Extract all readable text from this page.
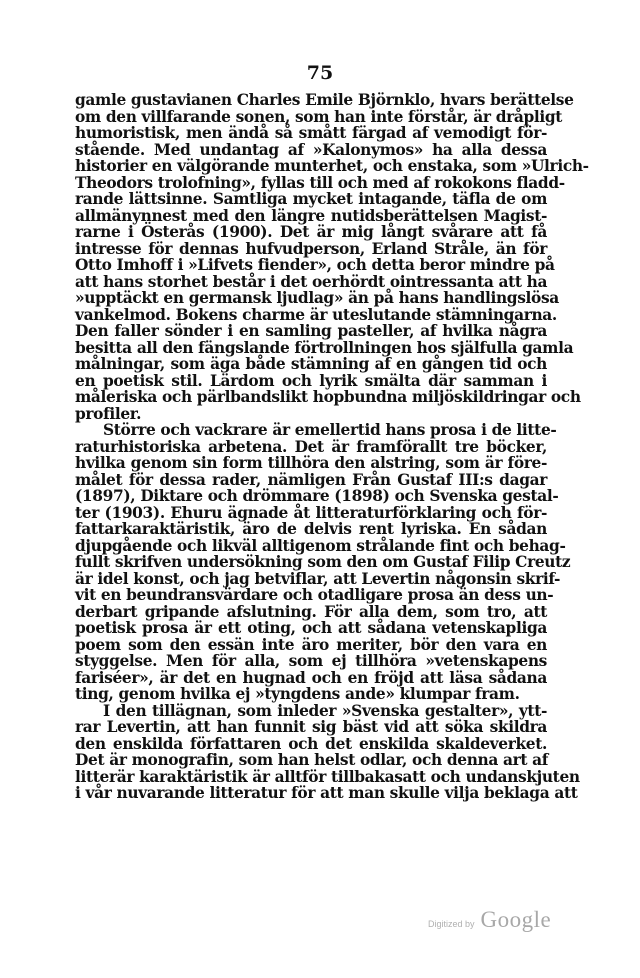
75
gamle gustavianen Charles Emile Björnklo, hvars berättelse
om den villfarande sonen, som han inte förstår, är dråpligt
humoristisk, men ändå så smått färgad af vemodigt för-
stående. Med undantag af »Kalonymos» ha alla dessa
historier en välgörande munterhet, och enstaka, som »Ulrich-
Theodors trolofning», fyllas till och med af rokokons fladd-
rande lättsinne. Samtliga mycket intagande, täfla de om
allmänynnest med den längre nutidsberättelsen Magist-
rarne i Österås (1900). Det är mig långt svårare att få
intresse för dennas hufvudperson, Erland Stråle, än för
Otto Imhoff i »Lifvets fiender», och detta beror mindre på
att hans storhet består i det oerhördt ointressanta att ha
»upptäckt en germansk ljudlag» än på hans handlingslösa
vankelmod. Bokens charme är uteslutande stämningarna.
Den faller sönder i en samling pasteller, af hvilka några
besitta all den fängslande förtrollningen hos själfulla gamla
målningar, som äga både stämning af en gången tid och
en poetisk stil. Lärdom och lyrik smälta där samman i
måleriska och pärlbandslikt hopbundna miljöskildringar och
profiler.
Större och vackrare är emellertid hans prosa i de litte-
raturhistoriska arbetena. Det är framförallt tre böcker,
hvilka genom sin form tillhöra den alstring, som är före-
målet för dessa rader, nämligen Från Gustaf III:s dagar
(1897), Diktare och drömmare (1898) och Svenska gestal-
ter (1903). Ehuru ägnade åt litteraturförklaring och för-
fattarkaraktäristik, äro de delvis rent lyriska. En sådan
djupgående och likväl alltigenom strålande fint och behag-
fullt skrifven undersökning som den om Gustaf Filip Creutz
är idel konst, och jag betviflar, att Levertin någonsin skrif-
vit en beundransvärdare och otadligare prosa än dess un-
derbart gripande afslutning. För alla dem, som tro, att
poetisk prosa är ett oting, och att sådana vetenskapliga
poem som den essän inte äro meriter, bör den vara en
styggelse. Men för alla, som ej tillhöra »vetenskapens
fariséer», är det en hugnad och en fröjd att läsa sådana
ting, genom hvilka ej »tyngdens ande» klumpar fram.
I den tillägnan, som inleder »Svenska gestalter», ytt-
rar Levertin, att han funnit sig bäst vid att söka skildra
den enskilda författaren och det enskilda skaldeverket.
Det är monografin, som han helst odlar, och denna art af
litterär karaktäristik är alltför tillbakasatt och undanskjuten
i vår nuvarande litteratur för att man skulle vilja beklaga att
Digitized by Google
